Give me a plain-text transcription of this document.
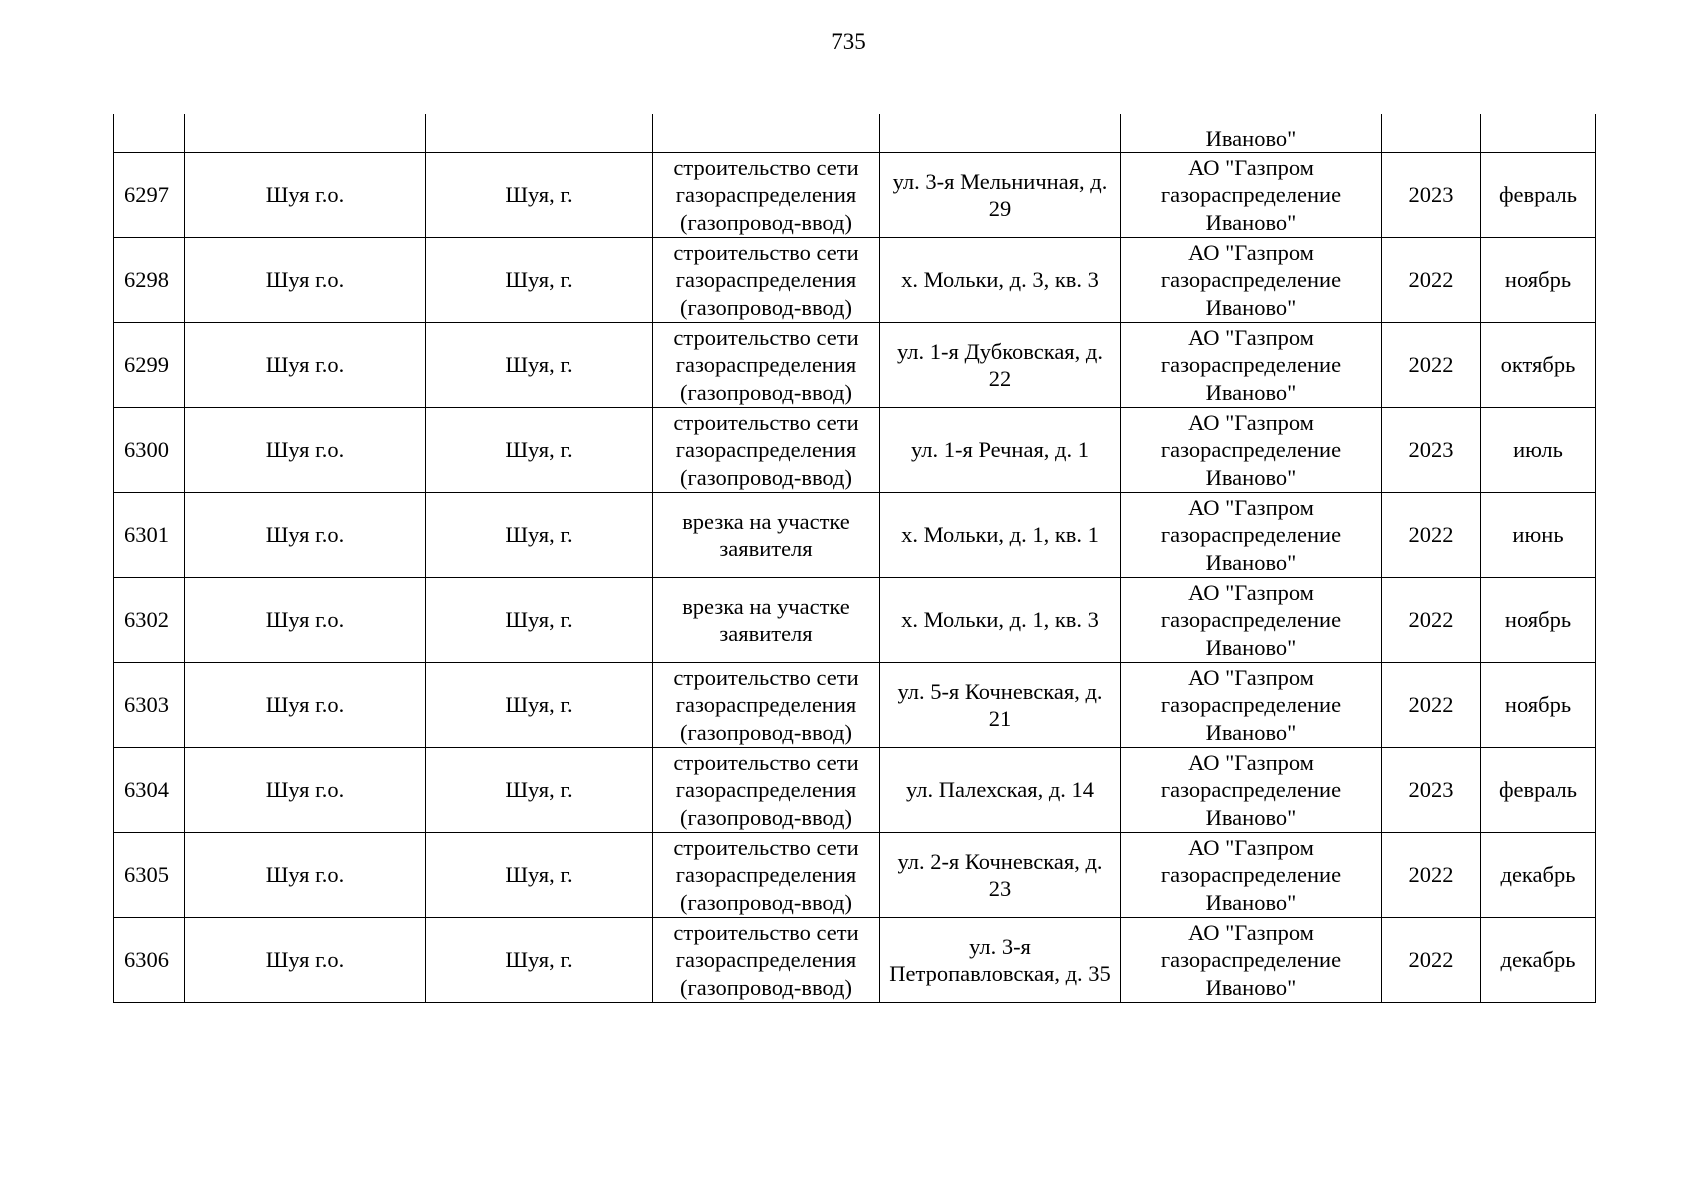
735
					Иваново"		
6297	Шуя г.о.	Шуя, г.	строительство сети газораспределения (газопровод-ввод)	ул. 3-я Мельничная, д. 29	АО "Газпром газораспределение Иваново"	2023	февраль
6298	Шуя г.о.	Шуя, г.	строительство сети газораспределения (газопровод-ввод)	х. Мольки, д. 3, кв. 3	АО "Газпром газораспределение Иваново"	2022	ноябрь
6299	Шуя г.о.	Шуя, г.	строительство сети газораспределения (газопровод-ввод)	ул. 1-я Дубковская, д. 22	АО "Газпром газораспределение Иваново"	2022	октябрь
6300	Шуя г.о.	Шуя, г.	строительство сети газораспределения (газопровод-ввод)	ул. 1-я Речная, д. 1	АО "Газпром газораспределение Иваново"	2023	июль
6301	Шуя г.о.	Шуя, г.	врезка на участке заявителя	х. Мольки, д. 1, кв. 1	АО "Газпром газораспределение Иваново"	2022	июнь
6302	Шуя г.о.	Шуя, г.	врезка на участке заявителя	х. Мольки, д. 1, кв. 3	АО "Газпром газораспределение Иваново"	2022	ноябрь
6303	Шуя г.о.	Шуя, г.	строительство сети газораспределения (газопровод-ввод)	ул. 5-я Кочневская, д. 21	АО "Газпром газораспределение Иваново"	2022	ноябрь
6304	Шуя г.о.	Шуя, г.	строительство сети газораспределения (газопровод-ввод)	ул. Палехская, д. 14	АО "Газпром газораспределение Иваново"	2023	февраль
6305	Шуя г.о.	Шуя, г.	строительство сети газораспределения (газопровод-ввод)	ул. 2-я Кочневская, д. 23	АО "Газпром газораспределение Иваново"	2022	декабрь
6306	Шуя г.о.	Шуя, г.	строительство сети газораспределения (газопровод-ввод)	ул. 3-я Петропавловская, д. 35	АО "Газпром газораспределение Иваново"	2022	декабрь
